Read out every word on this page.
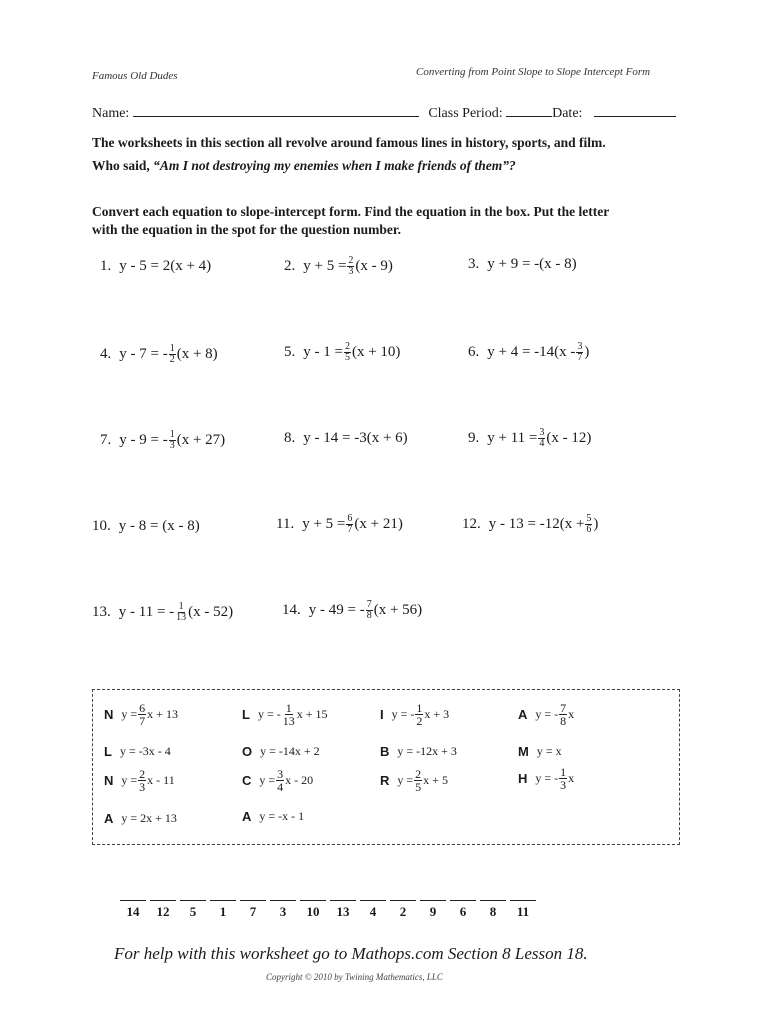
Famous Old Dudes	Converting from Point Slope to Slope Intercept Form
Name:	Class Period:	Date:
The worksheets in this section all revolve around famous lines in history, sports, and film.
Who said, “Am I not destroying my enemies when I make friends of them”?
Convert each equation to slope-intercept form. Find the equation in the box. Put the letter
with the equation in the spot for the question number.
1. y - 5 = 2(x + 4)	2. $y + 5 = \frac{2}{3} (x - 9)$	3. y + 9 = -(x - 8)
4. y - 7 = - $\frac{1}{2} (x + 8)$	5. $y - 1 = \frac{2}{5} (x + 10)$	6. $y + 4 = -14(x - \frac{3}{7}$ )
7. y - 9 = - $\frac{1}{3} (x + 27)$	8. y - 14 = -3(x + 6)	9. $y + 11 = \frac{3}{4} (x - 12)$
10. y - 8 = (x - 8)	11. $y + 5 = \frac{6}{7} (x + 21)$	12. $y - 13 = -12(x + \frac{5}{6}$ )
13. y - 11 = - $\frac{1}{13} (x - 52)$	14. y - 49 = - $\frac{7}{8} (x + 56)$
N $y = \frac{6}{7}$ x + 13	L y = - $\frac{1}{13}$ x + 15	I y = - $\frac{1}{2}$ x + 3	A y = - $\frac{7}{8}$ x
L y = -3x - 4	O y = -14x + 2	B y = -12x + 3	M y = x
N $y = \frac{2}{3}$ x - 11	C $y = \frac{3}{4}$ x - 20	R $y = \frac{2}{5}$ x + 5	H y = - $\frac{1}{3}$ x
A y = 2x + 13	A y = -x - 1
14	12	5	1	7	3	10	13	4	2	9	6	8	11
For help with this worksheet go to Mathops.com Section 8 Lesson 18.
Copyright © 2010 by Twining Mathematics, LLC
